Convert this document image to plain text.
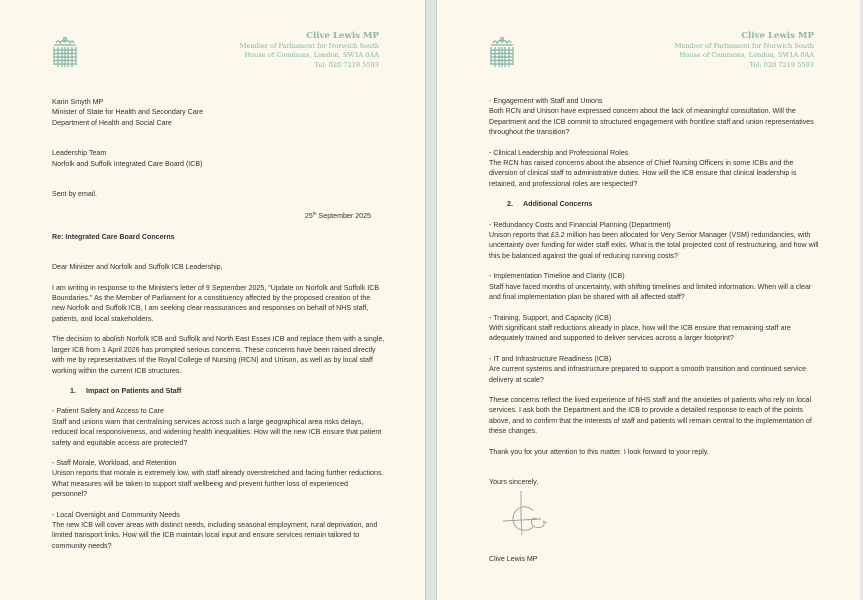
Clive Lewis MP
Member of Parliament for Norwich South
House of Commons, London, SW1A 0AA
Tel: 020 7219 5593

Karin Smyth MP

Minister of State for Health and Secondary Care

Department of Health and Social Care

Leadership Team

Norfolk and Suffolk Integrated Care Board (ICB)

Sent by email.

25th September 2025

Re: Integrated Care Board Concerns

Dear Minister and Norfolk and Suffolk ICB Leadership,

I am writing in response to the Minister's letter of 9 September 2025, "Update on Norfolk and Suffolk ICB Boundaries." As the Member of Parliament for a constituency affected by the proposed creation of the new Norfolk and Suffolk ICB, I am seeking clear reassurances and responses on behalf of NHS staff, patients, and local stakeholders.

The decision to abolish Norfolk ICB and Suffolk and North East Essex ICB and replace them with a single, larger ICB from 1 April 2026 has prompted serious concerns. These concerns have been raised directly with me by representatives of the Royal College of Nursing (RCN) and Unison, as well as by local staff working within the current ICB structures.

1. Impact on Patients and Staff

- Patient Safety and Access to Care

Staff and unions warn that centralising services across such a large geographical area risks delays, reduced local responsiveness, and widening health inequalities. How will the new ICB ensure that patient safety and equitable access are protected?

- Staff Morale, Workload, and Retention

Unison reports that morale is extremely low, with staff already overstretched and facing further reductions. What measures will be taken to support staff wellbeing and prevent further loss of experienced personnel?

- Local Oversight and Community Needs

The new ICB will cover areas with distinct needs, including seasonal employment, rural deprivation, and limited transport links. How will the ICB maintain local input and ensure services remain tailored to community needs?

Clive Lewis MP
Member of Parliament for Norwich South
House of Commons, London, SW1A 0AA
Tel: 020 7219 5593

- Engagement with Staff and Unions

Both RCN and Unison have expressed concern about the lack of meaningful consultation. Will the Department and the ICB commit to structured engagement with frontline staff and union representatives throughout the transition?

- Clinical Leadership and Professional Roles

The RCN has raised concerns about the absence of Chief Nursing Officers in some ICBs and the diversion of clinical staff to administrative duties. How will the ICB ensure that clinical leadership is retained, and professional roles are respected?

2. Additional Concerns

- Redundancy Costs and Financial Planning (Department)

Unison reports that £3.2 million has been allocated for Very Senior Manager (VSM) redundancies, with uncertainty over funding for wider staff exits. What is the total projected cost of restructuring, and how will this be balanced against the goal of reducing running costs?

- Implementation Timeline and Clarity (ICB)

Staff have faced months of uncertainty, with shifting timelines and limited information. When will a clear and final implementation plan be shared with all affected staff?

- Training, Support, and Capacity (ICB)

With significant staff reductions already in place, how will the ICB ensure that remaining staff are adequately trained and supported to deliver services across a larger footprint?

- IT and Infrastructure Readiness (ICB)

Are current systems and infrastructure prepared to support a smooth transition and continued service delivery at scale?

These concerns reflect the lived experience of NHS staff and the anxieties of patients who rely on local services. I ask both the Department and the ICB to provide a detailed response to each of the points above, and to confirm that the interests of staff and patients will remain central to the implementation of these changes.

Thank you for your attention to this matter. I look forward to your reply.

Yours sincerely,

Clive Lewis MP
